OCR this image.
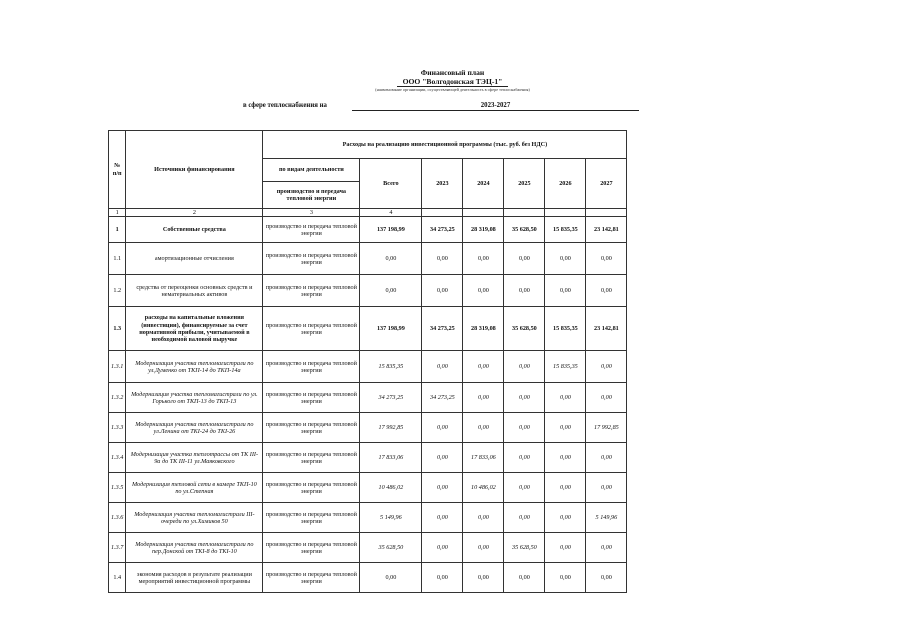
Финансовый план
ООО "Волгодонская ТЭЦ-1"
(наименование организации, осуществляющей деятельность в сфере теплоснабжения)
в сфере теплоснабжения на	2023-2027
№ п/п	Источники финансирования	Расходы на реализацию инвестиционной программы (тыс. руб. без НДС)						
		по видам деятельности	Всего	2023	2024	2025	2026	2027
		производство и передача тепловой энергии						
1	2	3	4					
1	Собственные средства	производство и передача тепловой энергии	137 198,99	34 273,25	28 319,08	35 628,50	15 835,35	23 142,81
1.1	амортизационные отчисления	производство и передача тепловой энергии	0,00	0,00	0,00	0,00	0,00	0,00
1.2	средства от переоценки основных средств и нематериальных активов	производство и передача тепловой энергии	0,00	0,00	0,00	0,00	0,00	0,00
1.3	расходы на капитальные вложения (инвестиции), финансируемые за счет нормативной прибыли, учитываемой в необходимой валовой выручке	производство и передача тепловой энергии	137 198,99	34 273,25	28 319,08	35 628,50	15 835,35	23 142,81
1.3.1	Модернизация участка тепломагистрали по ул.Думенко от ТКП-14 до ТКП-14а	производство и передача тепловой энергии	15 835,35	0,00	0,00	0,00	15 835,35	0,00
1.3.2	Модернизация участка тепломагистрали по ул. Горького от ТКП-13 до ТКП-13	производство и передача тепловой энергии	34 273,25	34 273,25	0,00	0,00	0,00	0,00
1.3.3	Модернизация участка тепломагистрали по ул.Ленина от ТКI-24 до ТКI-26	производство и передача тепловой энергии	17 992,85	0,00	0,00	0,00	0,00	17 992,85
1.3.4	Модернизация участка теплотрассы от ТК III-9а до ТК III-11 ул.Маяковского	производство и передача тепловой энергии	17 833,06	0,00	17 833,06	0,00	0,00	0,00
1.3.5	Модернизация тепловой сети в камере ТКП-10 по ул.Степная	производство и передача тепловой энергии	10 486,02	0,00	10 486,02	0,00	0,00	0,00
1.3.6	Модернизация участка тепломагистрали III-очереди по ул.Химиков 50	производство и передача тепловой энергии	5 149,96	0,00	0,00	0,00	0,00	5 149,96
1.3.7	Модернизация участка тепломагистрали по пер.Донской от ТКI-8 до ТКI-10	производство и передача тепловой энергии	35 628,50	0,00	0,00	35 628,50	0,00	0,00
1.4	экономия расходов в результате реализации мероприятий инвестиционной программы	производство и передача тепловой энергии	0,00	0,00	0,00	0,00	0,00	0,00
